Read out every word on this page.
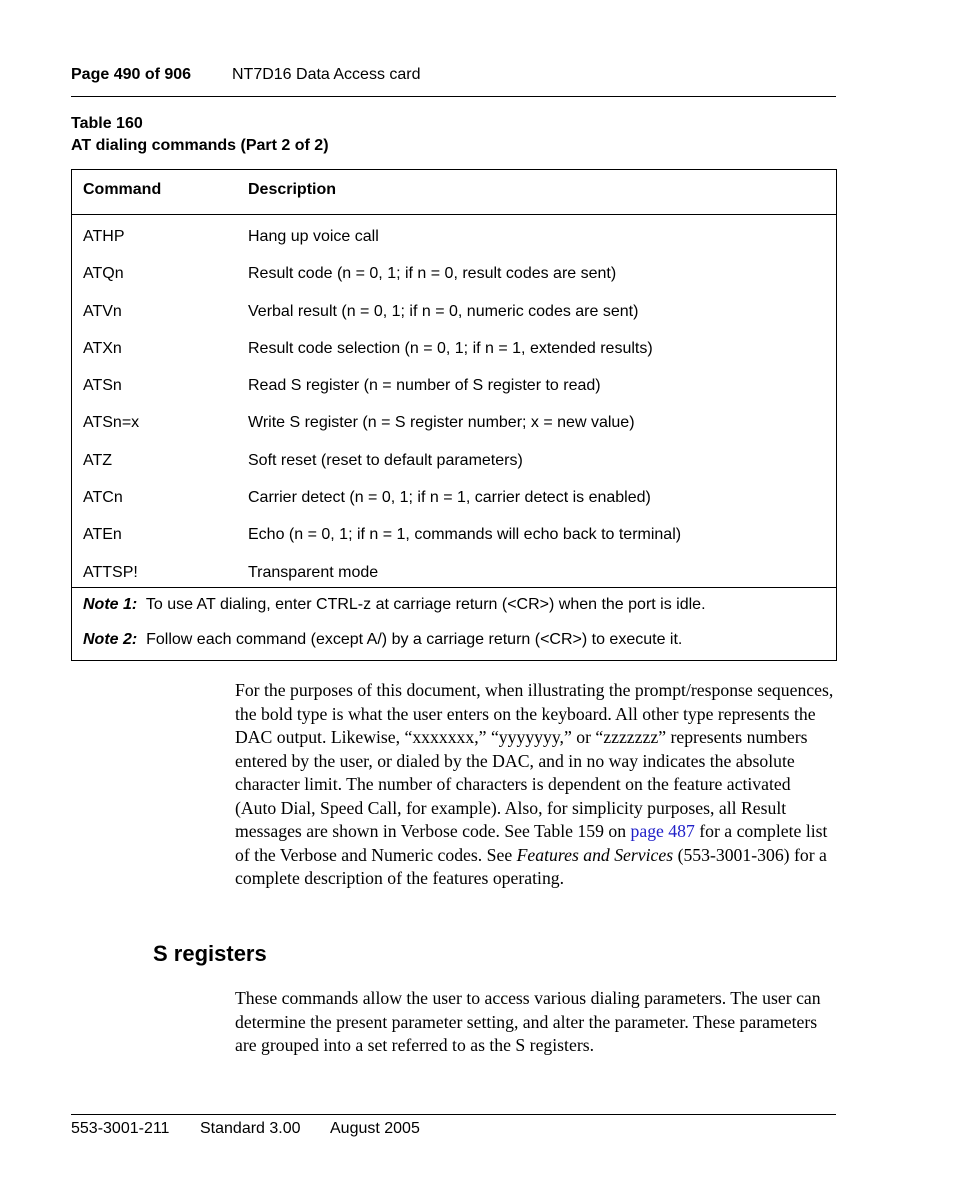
Page 490 of 906	NT7D16 Data Access card
Table 160
AT dialing commands (Part 2 of 2)
Command	Description
ATHP	Hang up voice call
ATQn	Result code (n = 0, 1; if n = 0, result codes are sent)
ATVn	Verbal result (n = 0, 1; if n = 0, numeric codes are sent)
ATXn	Result code selection (n = 0, 1; if n = 1, extended results)
ATSn	Read S register (n = number of S register to read)
ATSn=x	Write S register (n = S register number; x = new value)
ATZ	Soft reset (reset to default parameters)
ATCn	Carrier detect (n = 0, 1; if n = 1, carrier detect is enabled)
ATEn	Echo (n = 0, 1; if n = 1, commands will echo back to terminal)
ATTSP!	Transparent mode
Note 1: To use AT dialing, enter CTRL-z at carriage return (<CR>) when the port is idle.
Note 2: Follow each command (except A/) by a carriage return (<CR>) to execute it.

For the purposes of this document, when illustrating the prompt/response sequences, the bold type is what the user enters on the keyboard. All other type represents the DAC output. Likewise, “xxxxxxx,” “yyyyyyy,” or “zzzzzzz” represents numbers entered by the user, or dialed by the DAC, and in no way indicates the absolute character limit. The number of characters is dependent on the feature activated (Auto Dial, Speed Call, for example). Also, for simplicity purposes, all Result messages are shown in Verbose code. See Table 159 on page 487 for a complete list of the Verbose and Numeric codes. See Features and Services (553-3001-306) for a complete description of the features operating.

S registers

These commands allow the user to access various dialing parameters. The user can determine the present parameter setting, and alter the parameter. These parameters are grouped into a set referred to as the S registers.

553-3001-211 Standard 3.00 August 2005
